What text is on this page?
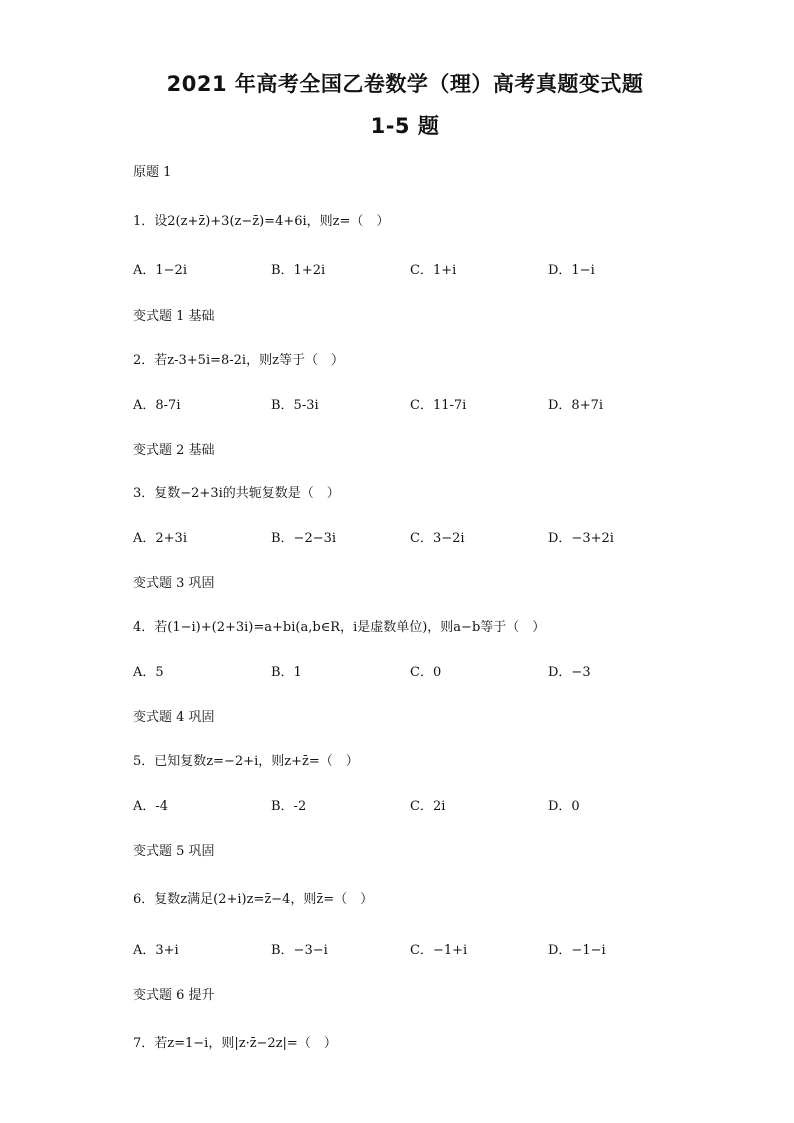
2021 年高考全国乙卷数学（理）高考真题变式题
1-5 题
原题 1
1．设2(z+z̄)+3(z−z̄)=4+6i，则z=（　）
A．1−2i	B．1+2i	C．1+i	D．1−i
变式题 1 基础
2．若z-3+5i=8-2i，则z等于（　）
A．8-7i	B．5-3i	C．11-7i	D．8+7i
变式题 2 基础
3．复数−2+3i的共轭复数是（　）
A．2+3i	B．−2−3i	C．3−2i	D．−3+2i
变式题 3 巩固
4．若(1−i)+(2+3i)=a+bi(a,b∈R，i是虚数单位)，则a−b等于（　）
A．5	B．1	C．0	D．−3
变式题 4 巩固
5．已知复数z=−2+i，则z+z̄=（　）
A．-4	B．-2	C．2i	D．0
变式题 5 巩固
6．复数z满足(2+i)z=z̄−4，则z̄=（　）
A．3+i	B．−3−i	C．−1+i	D．−1−i
变式题 6 提升
7．若z=1−i，则|z·z̄−2z|=（　）
